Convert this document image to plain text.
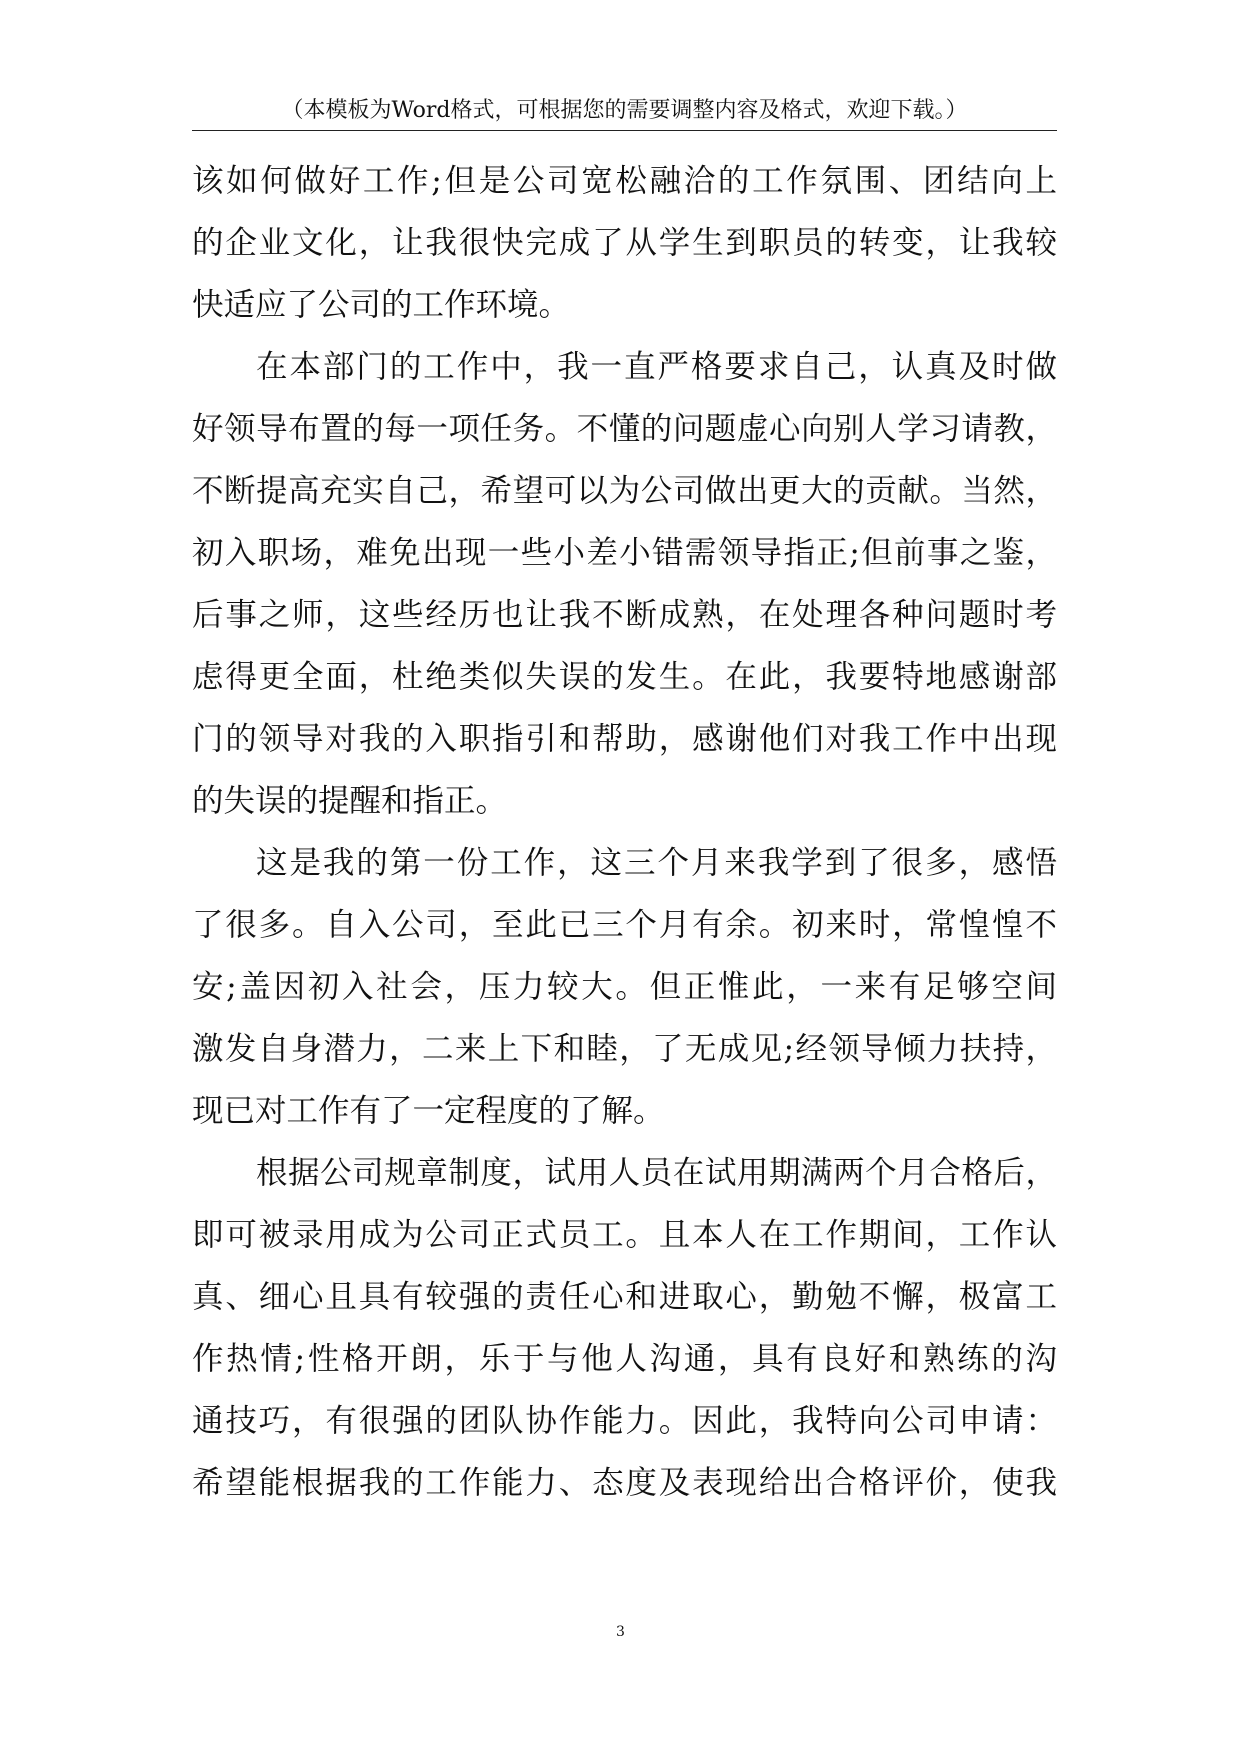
（本模板为Word格式，可根据您的需要调整内容及格式，欢迎下载。）
该如何做好工作;但是公司宽松融洽的工作氛围、团结向上
的企业文化，让我很快完成了从学生到职员的转变，让我较
快适应了公司的工作环境。
在本部门的工作中，我一直严格要求自己，认真及时做
好领导布置的每一项任务。不懂的问题虚心向别人学习请教，
不断提高充实自己，希望可以为公司做出更大的贡献。当然，
初入职场，难免出现一些小差小错需领导指正;但前事之鉴，
后事之师，这些经历也让我不断成熟，在处理各种问题时考
虑得更全面，杜绝类似失误的发生。在此，我要特地感谢部
门的领导对我的入职指引和帮助，感谢他们对我工作中出现
的失误的提醒和指正。
这是我的第一份工作，这三个月来我学到了很多，感悟
了很多。自入公司，至此已三个月有余。初来时，常惶惶不
安;盖因初入社会，压力较大。但正惟此，一来有足够空间
激发自身潜力，二来上下和睦，了无成见;经领导倾力扶持，
现已对工作有了一定程度的了解。
根据公司规章制度，试用人员在试用期满两个月合格后，
即可被录用成为公司正式员工。且本人在工作期间，工作认
真、细心且具有较强的责任心和进取心，勤勉不懈，极富工
作热情;性格开朗，乐于与他人沟通，具有良好和熟练的沟
通技巧，有很强的团队协作能力。因此，我特向公司申请：
希望能根据我的工作能力、态度及表现给出合格评价，使我
3
